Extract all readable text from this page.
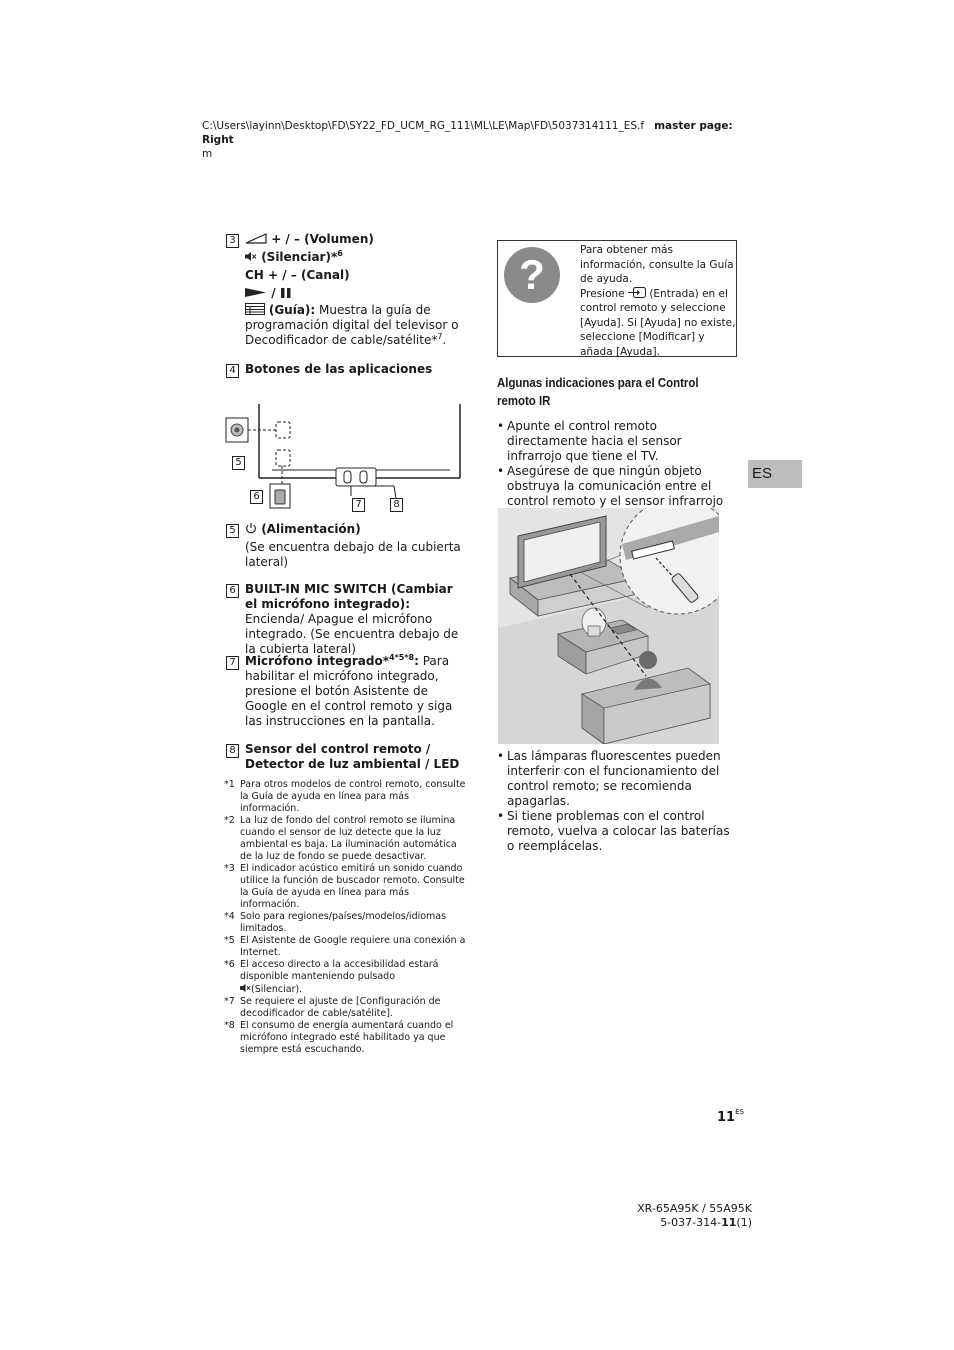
C:\Users\layinn\Desktop\FD\SY22_FD_UCM_RG_111\ML\LE\Map\FD\5037314111_ES.f master page: Right
m
3	+ / – (Volumen)
(Silenciar)*$^6$
CH + / – (Canal)
/
(Guía): Muestra la guía de programación digital del televisor o Decodificador de cable/satélite*$^7$.
4 Botones de las aplicaciones
5
6
7	8
5	(Alimentación)
(Se encuentra debajo de la cubierta lateral)
6 BUILT-IN MIC SWITCH (Cambiar el micrófono integrado): Encienda/ Apague el micrófono integrado. (Se encuentra debajo de la cubierta lateral)
7 Micrófono integrado*$^{4*5*8}$: Para habilitar el micrófono integrado, presione el botón Asistente de Google en el control remoto y siga las instrucciones en la pantalla.
8 Sensor del control remoto / Detector de luz ambiental / LED
*1 Para otros modelos de control remoto, consulte la Guía de ayuda en línea para más información.
*2 La luz de fondo del control remoto se ilumina cuando el sensor de luz detecte que la luz ambiental es baja. La iluminación automática de la luz de fondo se puede desactivar.
*3 El indicador acústico emitirá un sonido cuando utilice la función de buscador remoto. Consulte la Guía de ayuda en línea para más información.
*4 Solo para regiones/países/modelos/idiomas limitados.
*5 El Asistente de Google requiere una conexión a Internet.
*6 El acceso directo a la accesibilidad estará disponible manteniendo pulsado
(Silenciar).
*7 Se requiere el ajuste de [Configuración de decodificador de cable/satélite].
*8 El consumo de energía aumentará cuando el micrófono integrado esté habilitado ya que siempre está escuchando.
?
Para obtener más información, consulte la Guía de ayuda.
Presione (Entrada) en el control remoto y seleccione [Ayuda]. Si [Ayuda] no existe, seleccione [Modificar] y añada [Ayuda].
ES
Algunas indicaciones para el Control remoto IR
• Apunte el control remoto directamente hacia el sensor infrarrojo que tiene el TV.
• Asegúrese de que ningún objeto obstruya la comunicación entre el control remoto y el sensor infrarrojo
• Las lámparas fluorescentes pueden interferir con el funcionamiento del control remoto; se recomienda apagarlas.
• Si tiene problemas con el control remoto, vuelva a colocar las baterías o reemplácelas.
$11^{ES}$
XR-65A95K / 55A95K
5-037-314-11(1)
